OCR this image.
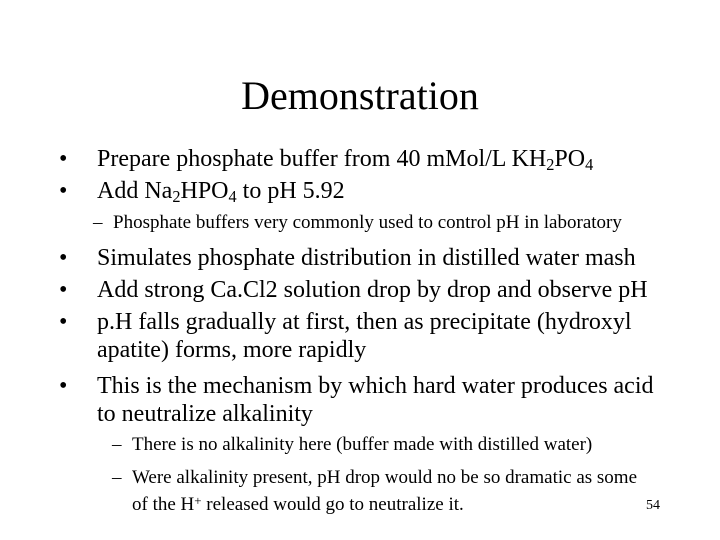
Demonstration
• Prepare phosphate buffer from 40 mMol/L $KH_2PO_4$
• Add $Na_2HPO_4$ to pH 5.92
– Phosphate buffers very commonly used to control pH in laboratory
• Simulates phosphate distribution in distilled water mash
• Add strong Ca.Cl2 solution drop by drop and observe pH
• p.H falls gradually at first, then as precipitate (hydroxyl
apatite) forms, more rapidly
• This is the mechanism by which hard water produces acid
to neutralize alkalinity
– There is no alkalinity here (buffer made with distilled water)
– Were alkalinity present, pH drop would no be so dramatic as some
of the H+ released would go to neutralize it.	54
